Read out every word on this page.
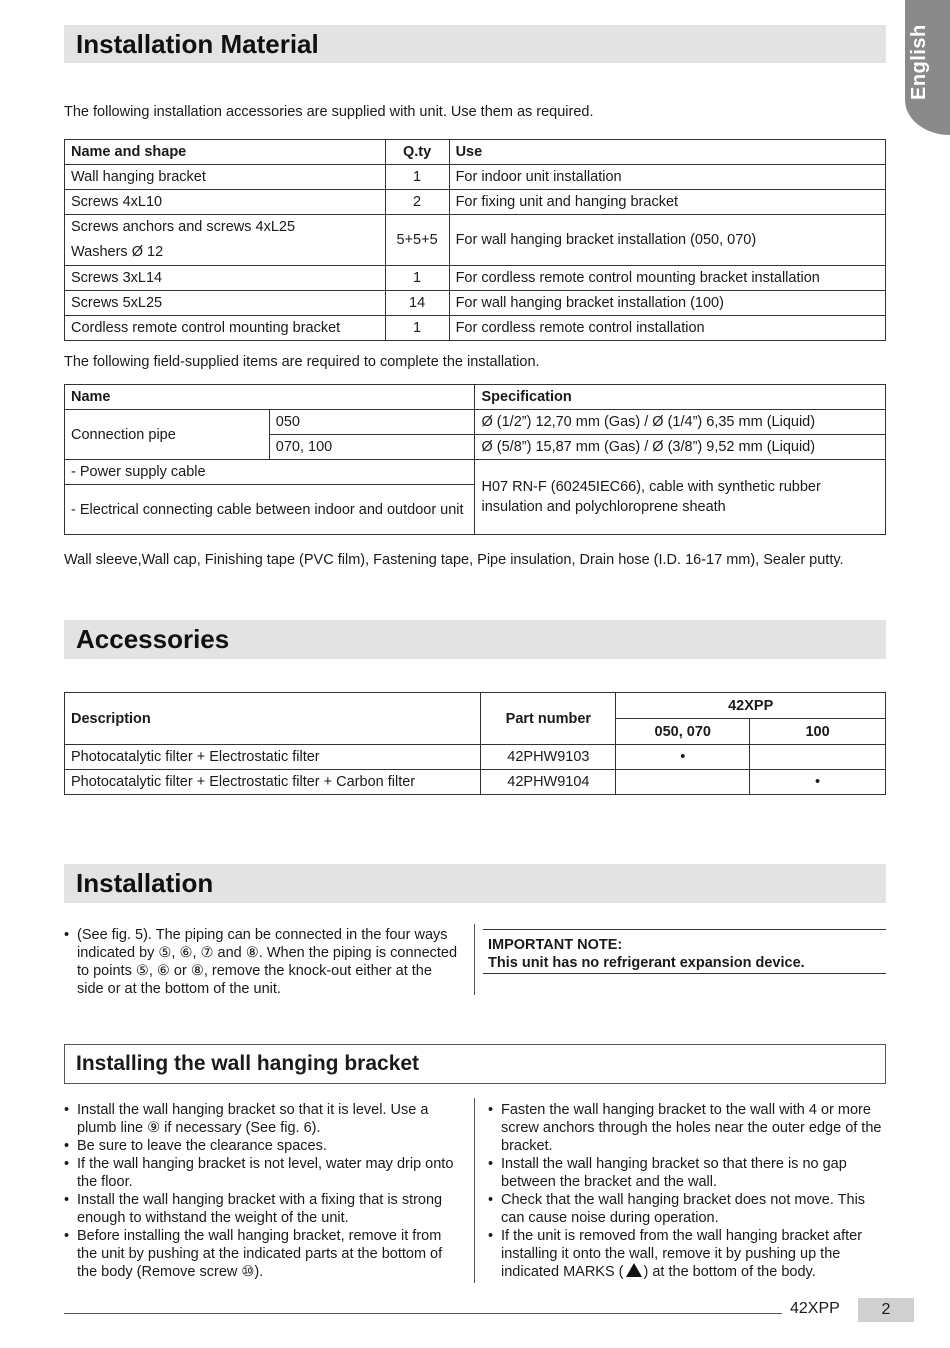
English
Installation Material
The following installation accessories are supplied with unit. Use them as required.
Name and shape	Q.ty	Use
Wall hanging bracket	1	For indoor unit installation
Screws 4xL10	2	For fixing unit and hanging bracket

Screws anchors and screws 4xL25
Washers Ø 12	5+5+5	For wall hanging bracket installation (050, 070)
Screws 3xL14	1	For cordless remote control mounting bracket installation
Screws 5xL25	14	For wall hanging bracket installation (100)
Cordless remote control mounting bracket	1	For cordless remote control installation
The following field-supplied items are required to complete the installation.
Name		Specification
Connection pipe	050	Ø (1/2”) 12,70 mm (Gas) / Ø (1/4”) 6,35 mm (Liquid)
	070, 100	Ø (5/8”) 15,87 mm (Gas) / Ø (3/8”) 9,52 mm (Liquid)
- Power supply cable		H07 RN-F (60245IEC66), cable with synthetic rubber insulation and polychloroprene sheath
- Electrical connecting cable between indoor and outdoor unit		
Wall sleeve,Wall cap, Finishing tape (PVC film), Fastening tape, Pipe insulation, Drain hose (I.D. 16-17 mm), Sealer putty.
Accessories
Description	Part number	42XPP	
		050, 070	100
Photocatalytic filter + Electrostatic filter	42PHW9103	•	
Photocatalytic filter + Electrostatic filter + Carbon filter	42PHW9104		•
Installation
• (See fig. 5). The piping can be connected in the four ways indicated by ⑤, ⑥, ⑦ and ⑧. When the piping is connected to points ⑤, ⑥ or ⑧, remove the knock-out either at the side or at the bottom of the unit.
IMPORTANT NOTE:
This unit has no refrigerant expansion device.
Installing the wall hanging bracket
• Install the wall hanging bracket so that it is level. Use a plumb line ⑨ if necessary (See fig. 6).
• Be sure to leave the clearance spaces.
• If the wall hanging bracket is not level, water may drip onto the floor.
• Install the wall hanging bracket with a fixing that is strong enough to withstand the weight of the unit.
• Before installing the wall hanging bracket, remove it from the unit by pushing at the indicated parts at the bottom of the body (Remove screw ⑩).
• Fasten the wall hanging bracket to the wall with 4 or more screw anchors through the holes near the outer edge of the bracket.
• Install the wall hanging bracket so that there is no gap between the bracket and the wall.
• Check that the wall hanging bracket does not move. This can cause noise during operation.
• If the unit is removed from the wall hanging bracket after installing it onto the wall, remove it by pushing up the indicated MARKS ( ) at the bottom of the body.
42XPP	2
